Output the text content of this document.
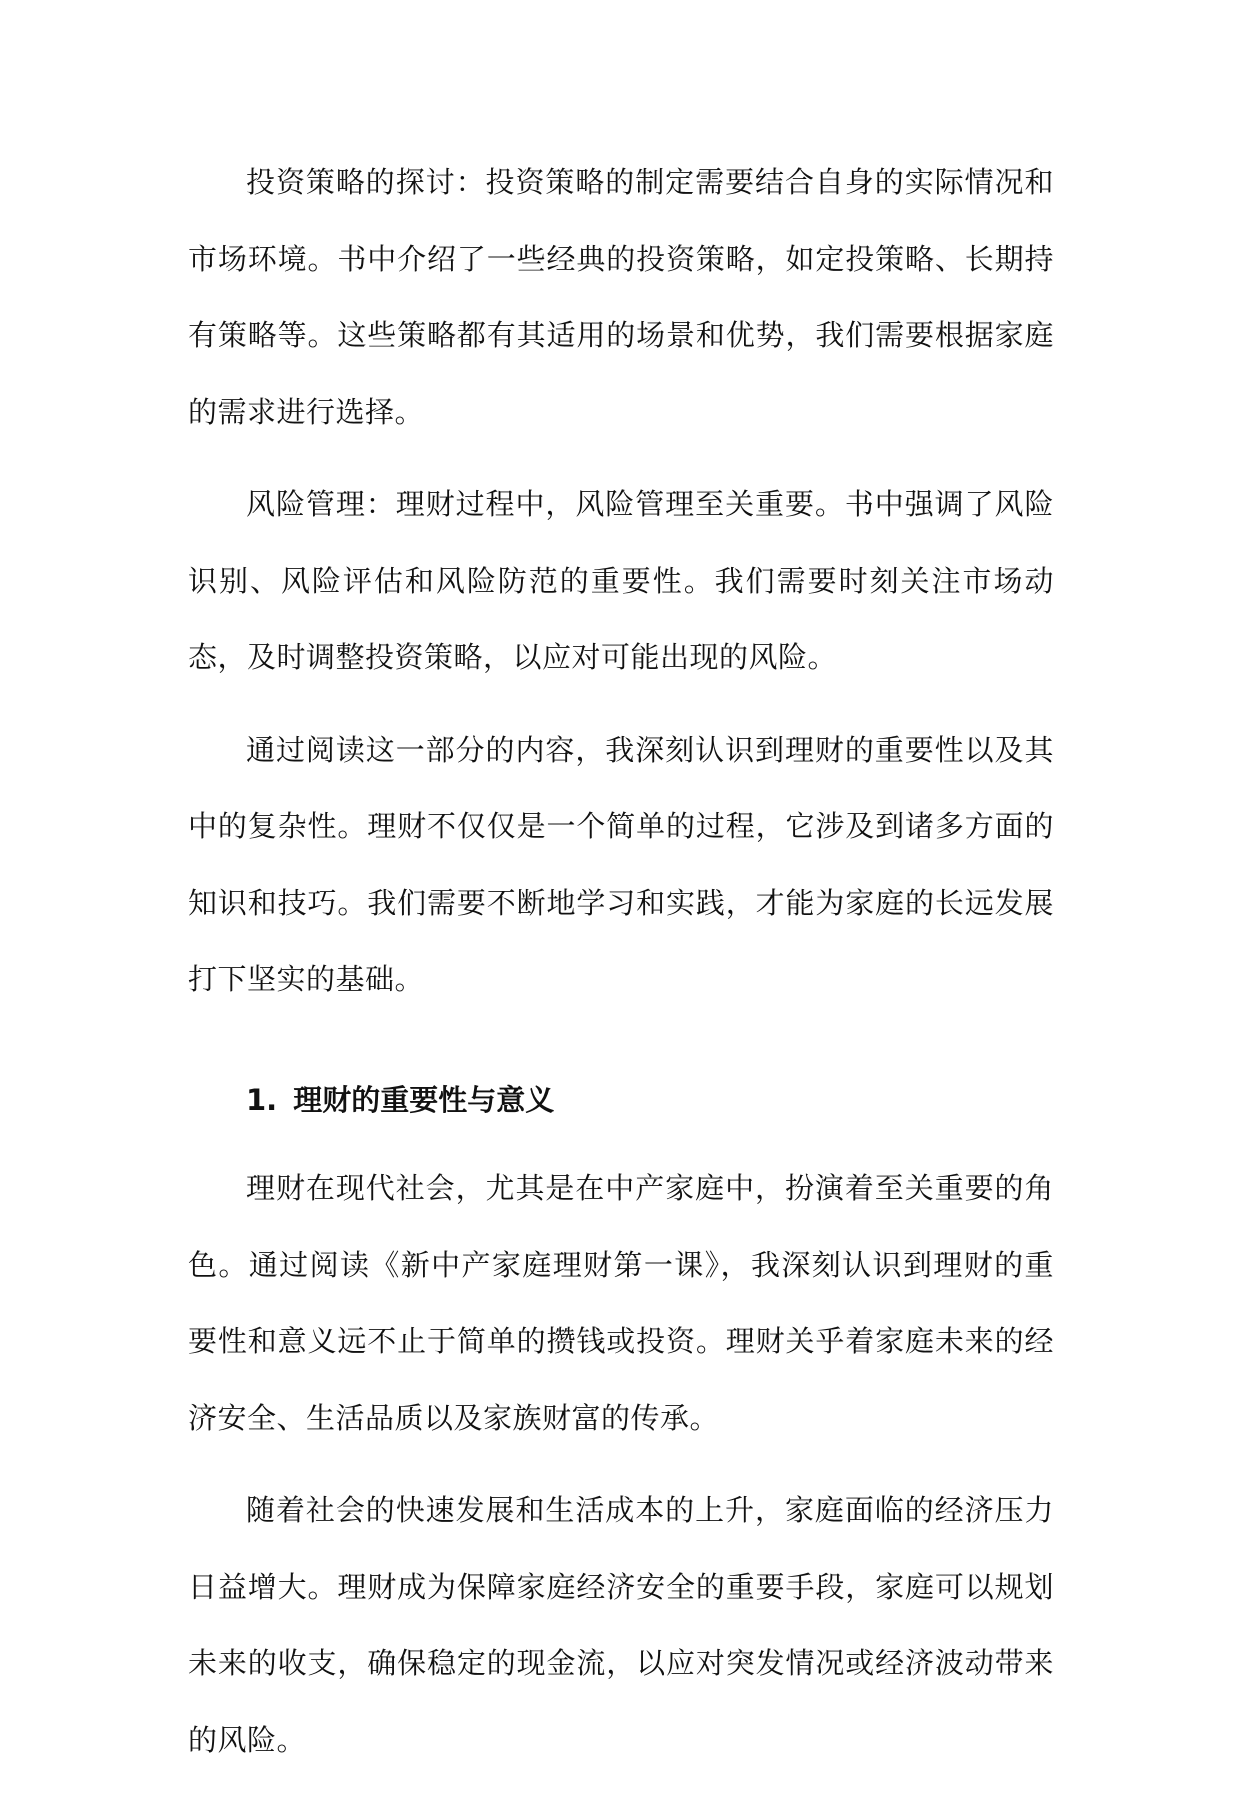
投资策略的探讨：投资策略的制定需要结合自身的实际情况和市场环境。书中介绍了一些经典的投资策略，如定投策略、长期持有策略等。这些策略都有其适用的场景和优势，我们需要根据家庭的需求进行选择。

风险管理：理财过程中，风险管理至关重要。书中强调了风险识别、风险评估和风险防范的重要性。我们需要时刻关注市场动态，及时调整投资策略，以应对可能出现的风险。

通过阅读这一部分的内容，我深刻认识到理财的重要性以及其中的复杂性。理财不仅仅是一个简单的过程，它涉及到诸多方面的知识和技巧。我们需要不断地学习和实践，才能为家庭的长远发展打下坚实的基础。

1. 理财的重要性与意义

理财在现代社会，尤其是在中产家庭中，扮演着至关重要的角色。通过阅读《新中产家庭理财第一课》，我深刻认识到理财的重要性和意义远不止于简单的攒钱或投资。理财关乎着家庭未来的经济安全、生活品质以及家族财富的传承。

随着社会的快速发展和生活成本的上升，家庭面临的经济压力日益增大。理财成为保障家庭经济安全的重要手段，家庭可以规划未来的收支，确保稳定的现金流，以应对突发情况或经济波动带来的风险。
